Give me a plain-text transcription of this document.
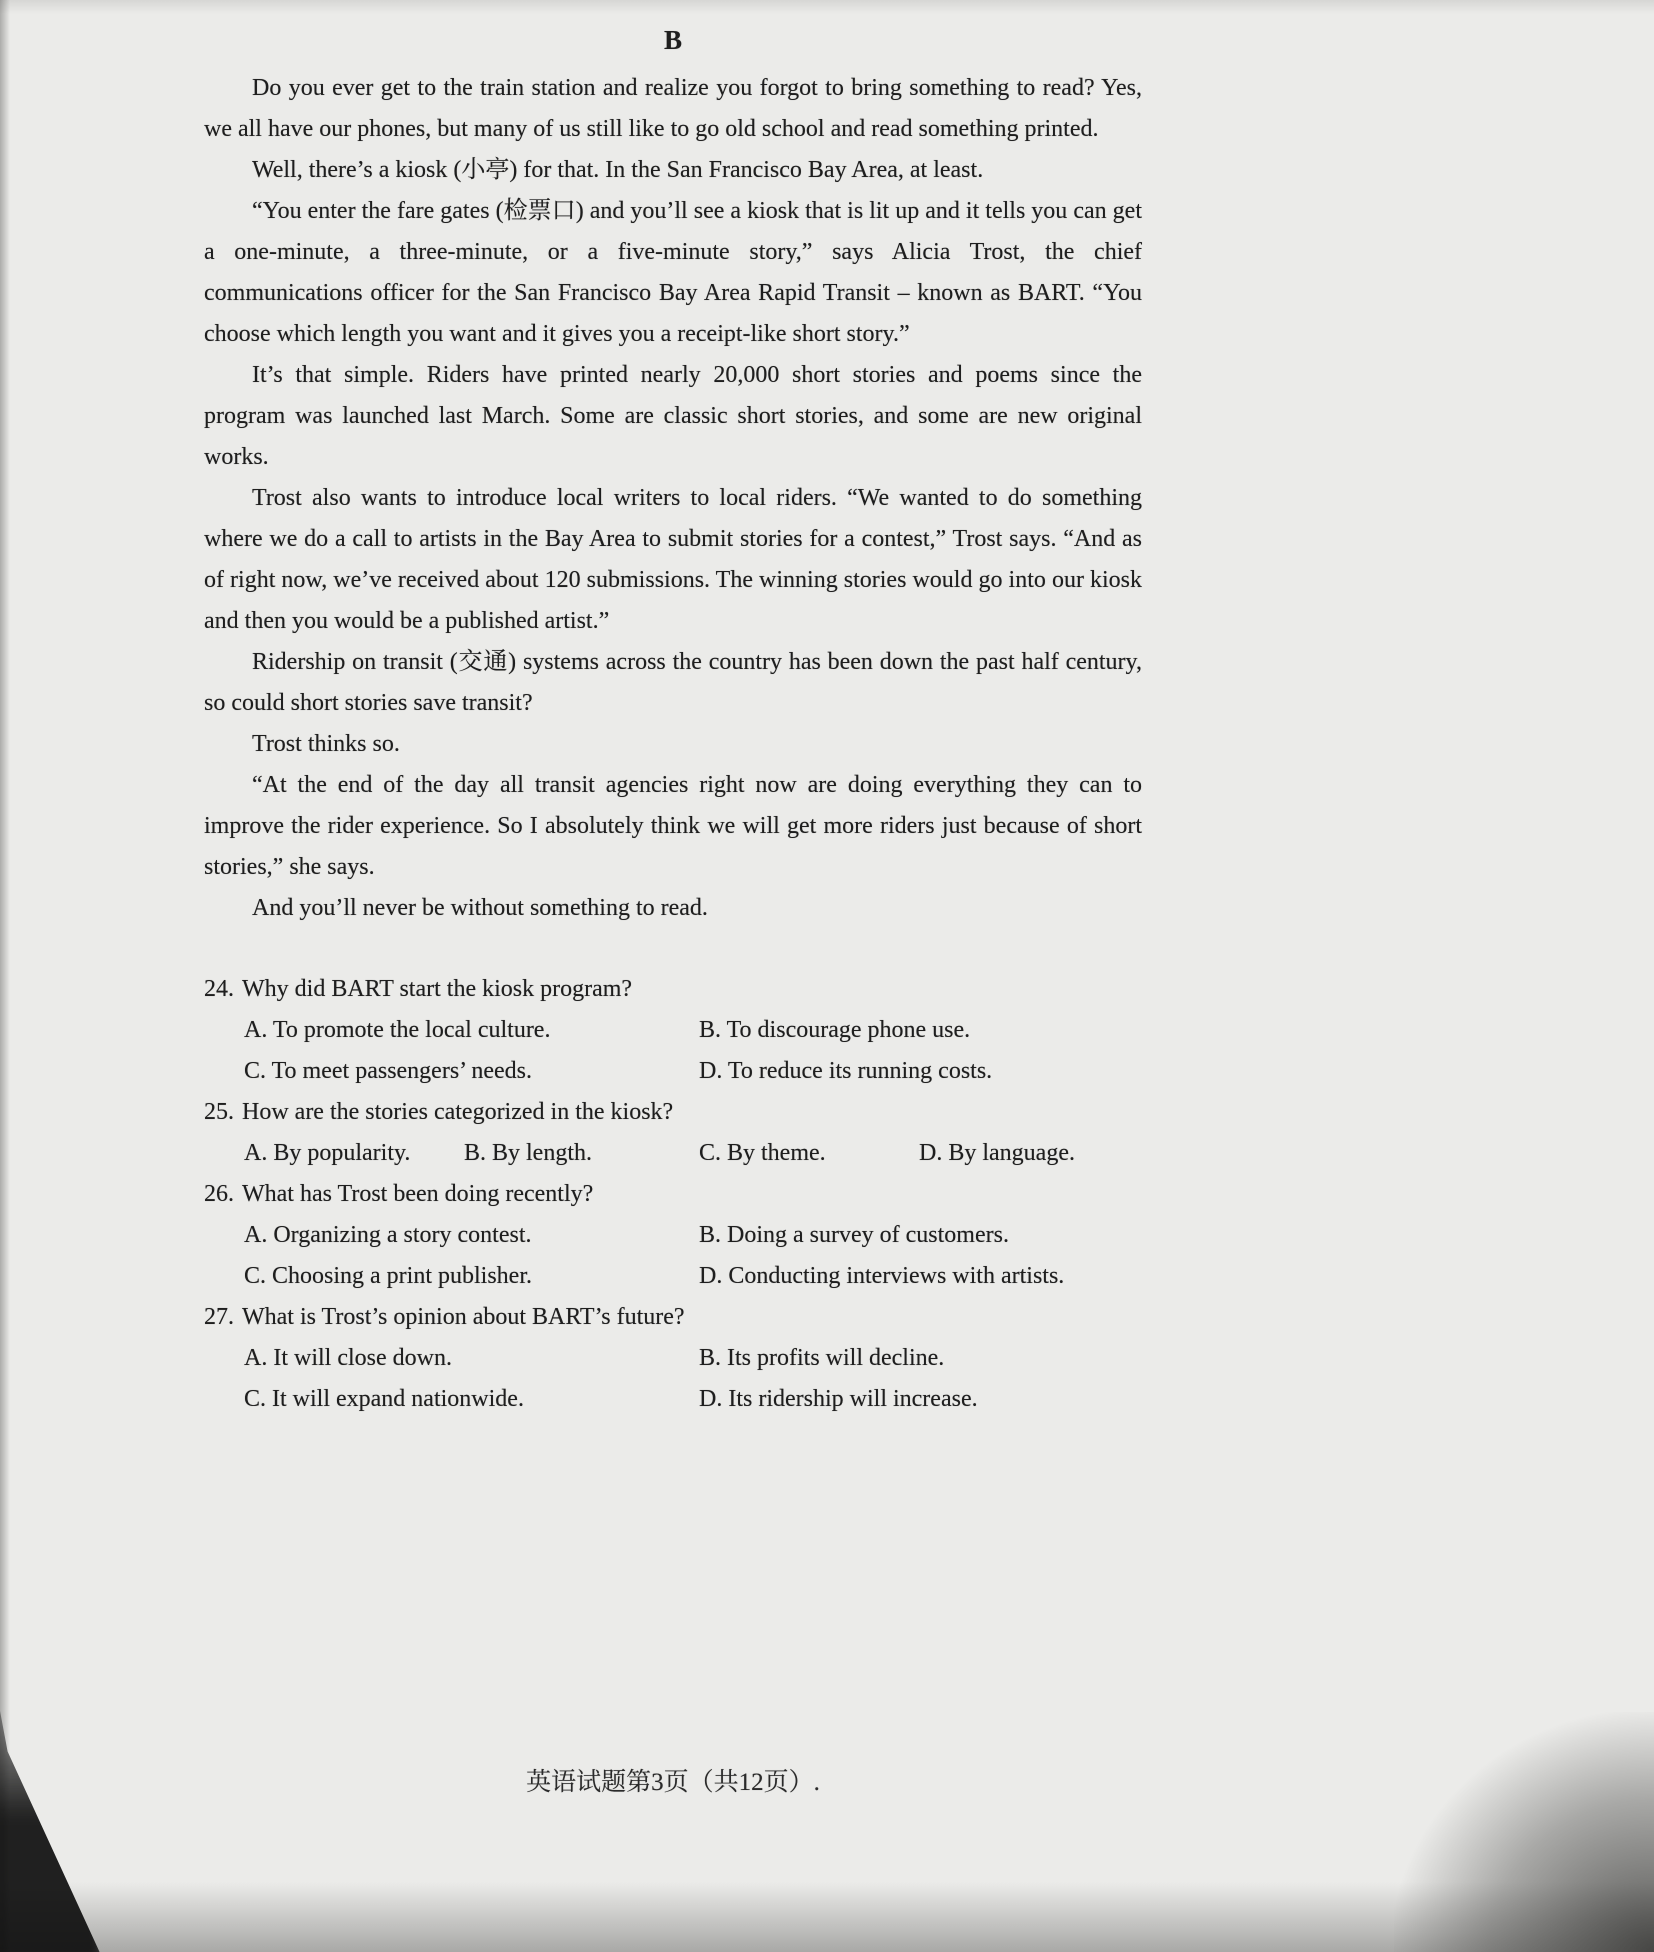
B

Do you ever get to the train station and realize you forgot to bring something to read? Yes, we all have our phones, but many of us still like to go old school and read something printed.

Well, there’s a kiosk (小亭) for that. In the San Francisco Bay Area, at least.

“You enter the fare gates (检票口) and you’ll see a kiosk that is lit up and it tells you can get a one-minute, a three-minute, or a five-minute story,” says Alicia Trost, the chief communications officer for the San Francisco Bay Area Rapid Transit – known as BART. “You choose which length you want and it gives you a receipt-like short story.”

It’s that simple. Riders have printed nearly 20,000 short stories and poems since the program was launched last March. Some are classic short stories, and some are new original works.

Trost also wants to introduce local writers to local riders. “We wanted to do something where we do a call to artists in the Bay Area to submit stories for a contest,” Trost says. “And as of right now, we’ve received about 120 submissions. The winning stories would go into our kiosk and then you would be a published artist.”

Ridership on transit (交通) systems across the country has been down the past half century, so could short stories save transit?

Trost thinks so.

“At the end of the day all transit agencies right now are doing everything they can to improve the rider experience. So I absolutely think we will get more riders just because of short stories,” she says.

And you’ll never be without something to read.

24. Why did BART start the kiosk program?
A. To promote the local culture.	B. To discourage phone use.
C. To meet passengers’ needs.	D. To reduce its running costs.
25. How are the stories categorized in the kiosk?
A. By popularity.	B. By length.	C. By theme.	D. By language.
26. What has Trost been doing recently?
A. Organizing a story contest.	B. Doing a survey of customers.
C. Choosing a print publisher.	D. Conducting interviews with artists.
27. What is Trost’s opinion about BART’s future?
A. It will close down.	B. Its profits will decline.
C. It will expand nationwide.	D. Its ridership will increase.
英语试题第3页（共12页）.
